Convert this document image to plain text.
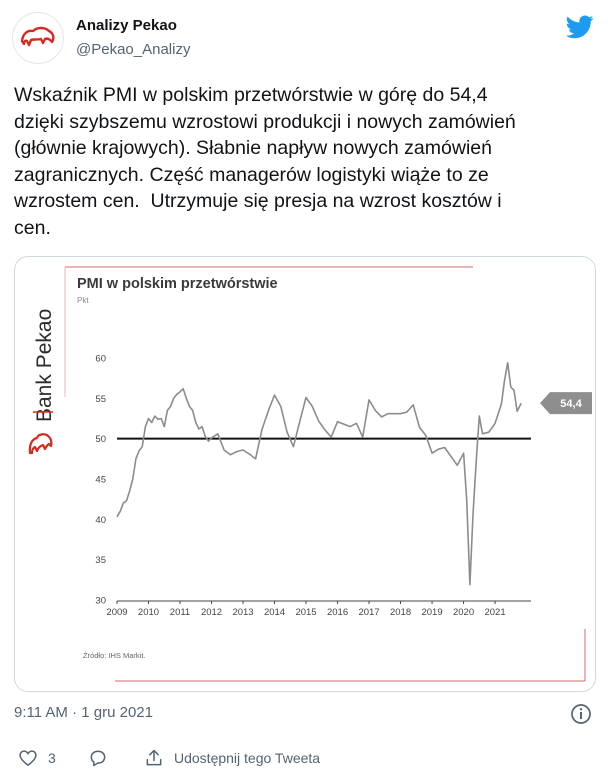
Analizy Pekao
@Pekao_Analizy

Wskaźnik PMI w polskim przetwórstwie w górę do 54,4
dzięki szybszemu wzrostowi produkcji i nowych zamówień
(głównie krajowych). Słabnie napływ nowych zamówień
zagranicznych. Część managerów logistyki wiąże to ze
wzrostem cen.  Utrzymuje się presja na wzrost kosztów i
cen.

Bank Pekao
PMI w polskim przetwórstwie
Pkt
30
35
40
45
50
55
60
2009 2010 2011 2012 2013 2014 2015 2016 2017 2018 2019 2020 2021
54,4
Źródło: IHS Markit.
9:11 AM · 1 gru 2021
3	Udostępnij tego Tweeta
